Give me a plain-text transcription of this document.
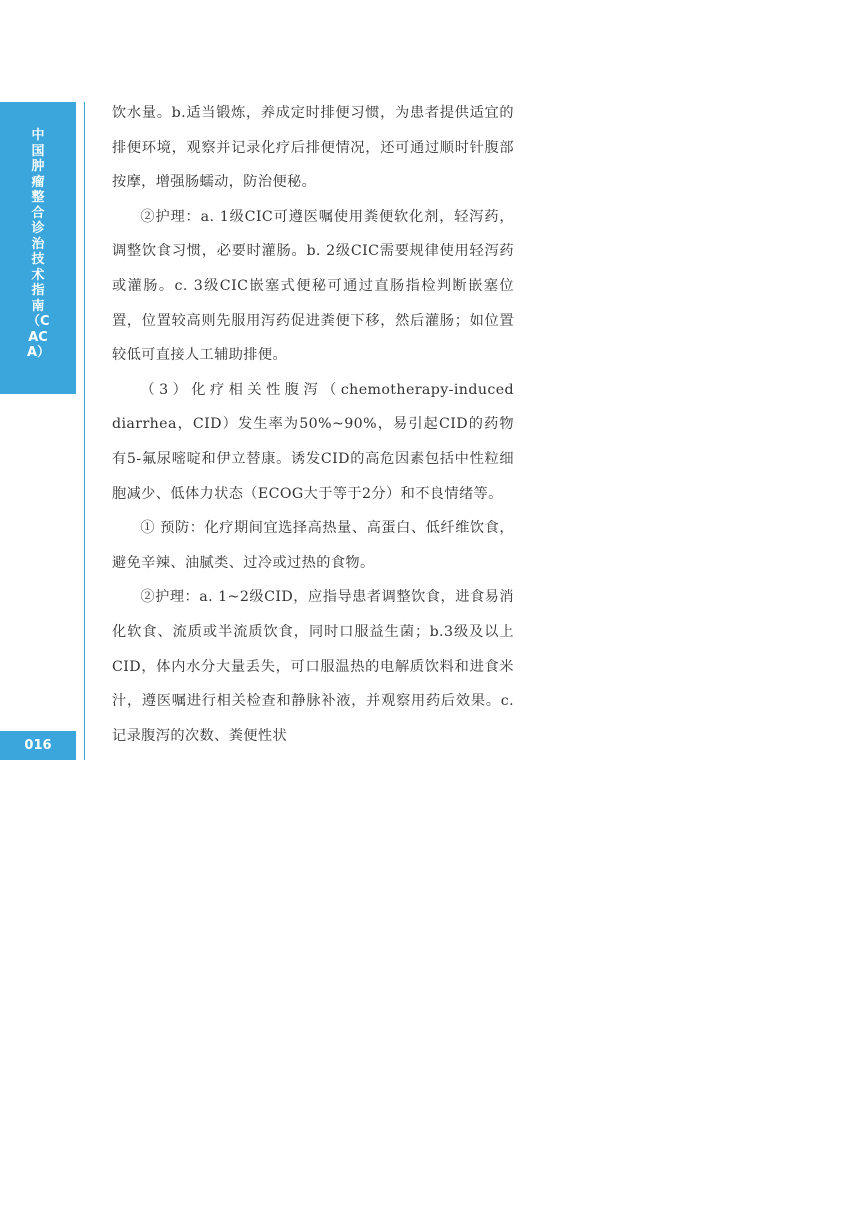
中国肿瘤整合诊治技术指南（CACA）
016

饮水量。b.适当锻炼，养成定时排便习惯，为患者提供适宜的排便环境，观察并记录化疗后排便情况，还可通过顺时针腹部按摩，增强肠蠕动，防治便秘。

②护理：a. 1级CIC可遵医嘱使用粪便软化剂，轻泻药，调整饮食习惯，必要时灌肠。b. 2级CIC需要规律使用轻泻药或灌肠。c. 3级CIC嵌塞式便秘可通过直肠指检判断嵌塞位置，位置较高则先服用泻药促进粪便下移，然后灌肠；如位置较低可直接人工辅助排便。

（3）化疗相关性腹泻（chemotherapy-induced diarrhea，CID）发生率为50%~90%，易引起CID的药物有5-氟尿嘧啶和伊立替康。诱发CID的高危因素包括中性粒细胞减少、低体力状态（ECOG大于等于2分）和不良情绪等。

① 预防：化疗期间宜选择高热量、高蛋白、低纤维饮食，避免辛辣、油腻类、过冷或过热的食物。

②护理：a. 1~2级CID，应指导患者调整饮食，进食易消化软食、流质或半流质饮食，同时口服益生菌；b.3级及以上CID，体内水分大量丢失，可口服温热的电解质饮料和进食米汁，遵医嘱进行相关检查和静脉补液，并观察用药后效果。c.记录腹泻的次数、粪便性状
